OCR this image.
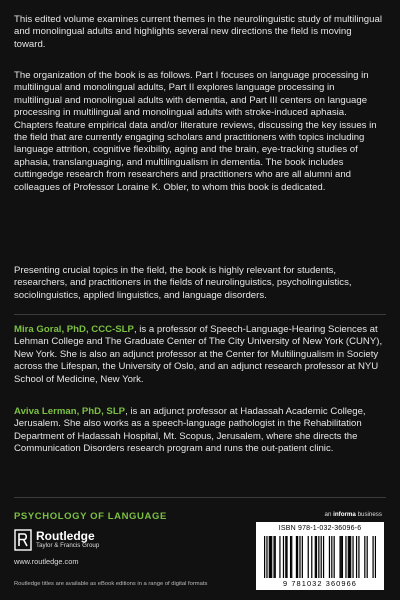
This edited volume examines current themes in the neurolinguistic study of multilingual and monolingual adults and highlights several new directions the field is moving toward.

The organization of the book is as follows. Part I focuses on language processing in multilingual and monolingual adults, Part II explores language processing in multilingual and monolingual adults with dementia, and Part III centers on language processing in multilingual and monolingual adults with stroke-induced aphasia. Chapters feature empirical data and/or literature reviews, discussing the key issues in the field that are currently engaging scholars and practitioners with topics including language attrition, cognitive flexibility, aging and the brain, eye-tracking studies of aphasia, translanguaging, and multilingualism in dementia. The book includes cuttingedge research from researchers and practitioners who are all alumni and colleagues of Professor Loraine K. Obler, to whom this book is dedicated.

Presenting crucial topics in the field, the book is highly relevant for students, researchers, and practitioners in the fields of neurolinguistics, psycholinguistics, sociolinguistics, applied linguistics, and language disorders.

Mira Goral, PhD, CCC-SLP, is a professor of Speech-Language-Hearing Sciences at Lehman College and The Graduate Center of The City University of New York (CUNY), New York. She is also an adjunct professor at the Center for Multilingualism in Society across the Lifespan, the University of Oslo, and an adjunct research professor at NYU School of Medicine, New York.

Aviva Lerman, PhD, SLP, is an adjunct professor at Hadassah Academic College, Jerusalem. She also works as a speech-language pathologist in the Rehabilitation Department of Hadassah Hospital, Mt. Scopus, Jerusalem, where she directs the Communication Disorders research program and runs the out-patient clinic.

PSYCHOLOGY OF LANGUAGE
Routledge
Taylor & Francis Group
www.routledge.com
Routledge titles are available as eBook editions in a range of digital formats
an informa business
ISBN 978-1-032-36096-6
9 781032 360966
